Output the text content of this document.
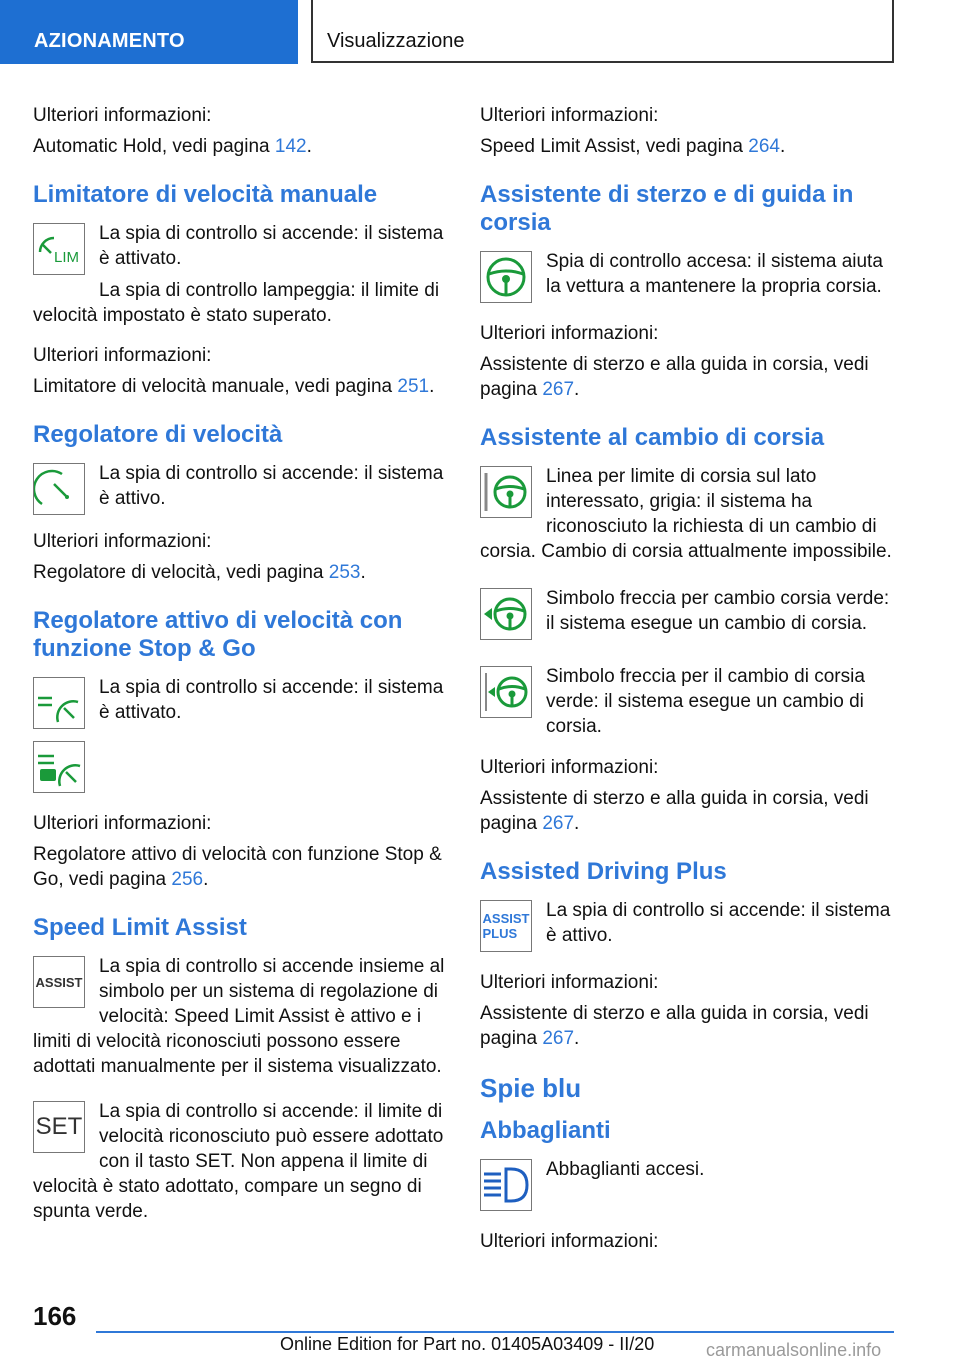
AZIONAMENTO	Visualizzazione

Ulteriori informazioni:

Automatic Hold, vedi pagina 142.

Limitatore di velocità manuale
LIM

La spia di controllo si accende: il sistema è attivato.

La spia di controllo lampeggia: il limite di velocità impostato è stato superato.

Ulteriori informazioni:

Limitatore di velocità manuale, vedi pagina 251.

Regolatore di velocità

La spia di controllo si accende: il sistema è attivo.

Ulteriori informazioni:

Regolatore di velocità, vedi pagina 253.

Regolatore attivo di velocità con funzione Stop & Go

La spia di controllo si accende: il sistema è attivato.

Ulteriori informazioni:

Regolatore attivo di velocità con funzione Stop & Go, vedi pagina 256.

Speed Limit Assist
ASSIST

La spia di controllo si accende insieme al simbolo per un sistema di regolazione di velocità: Speed Limit Assist è attivo e i limiti di velocità riconosciuti possono essere adottati manualmente per il sistema visualizzato.

SET

La spia di controllo si accende: il limite di velocità riconosciuto può essere adottato con il tasto SET. Non appena il limite di velocità è stato adottato, compare un segno di spunta verde.

Ulteriori informazioni:

Speed Limit Assist, vedi pagina 264.

Assistente di sterzo e di guida in corsia

Spia di controllo accesa: il sistema aiuta la vettura a mantenere la propria corsia.

Ulteriori informazioni:

Assistente di sterzo e alla guida in corsia, vedi pagina 267.

Assistente al cambio di corsia

Linea per limite di corsia sul lato interessato, grigia: il sistema ha riconosciuto la richiesta di un cambio di corsia. Cambio di corsia attualmente impossibile.

Simbolo freccia per cambio corsia verde: il sistema esegue un cambio di corsia.

Simbolo freccia per il cambio di corsia verde: il sistema esegue un cambio di corsia.

Ulteriori informazioni:

Assistente di sterzo e alla guida in corsia, vedi pagina 267.

Assisted Driving Plus
ASSIST
PLUS

La spia di controllo si accende: il sistema è attivo.

Ulteriori informazioni:

Assistente di sterzo e alla guida in corsia, vedi pagina 267.

Spie blu
Abbaglianti

Abbaglianti accesi.

Ulteriori informazioni:

166
Online Edition for Part no. 01405A03409 - II/20	carmanualsonline.info
